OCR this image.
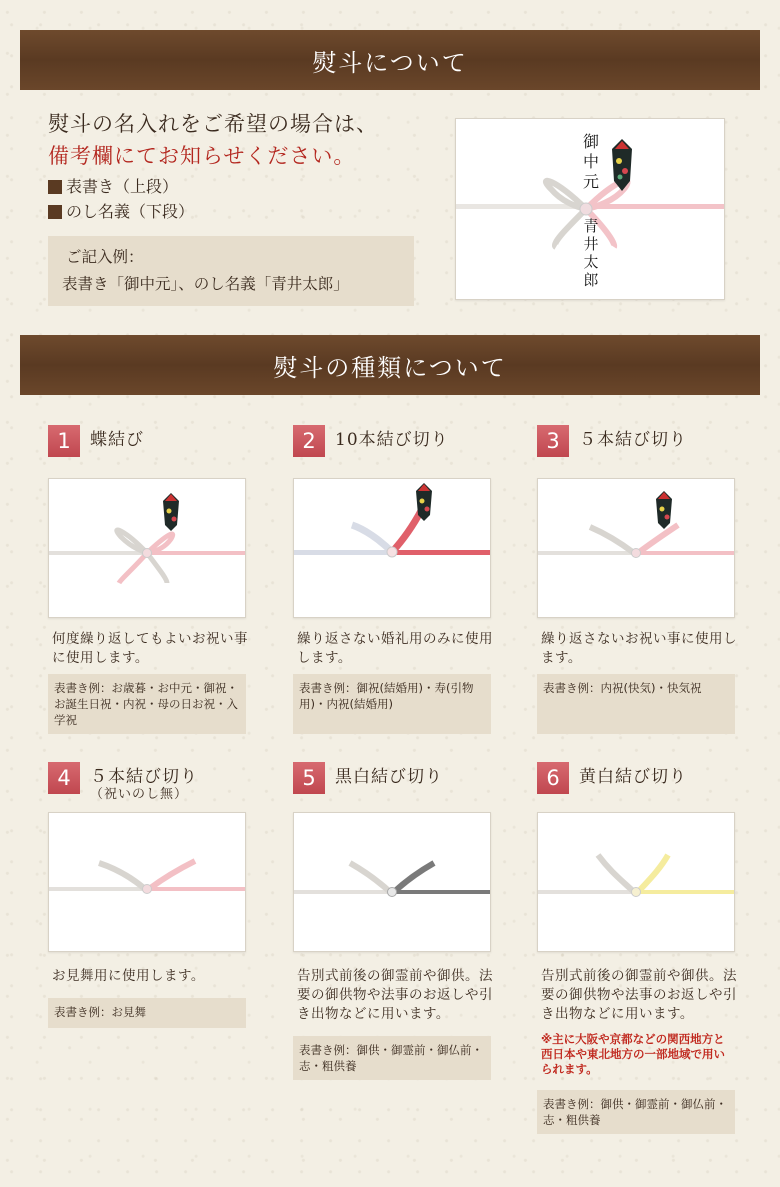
熨斗について
熨斗の名入れをご希望の場合は、
備考欄にてお知らせください。
表書き（上段）
のし名義（下段）
ご記入例：
表書き「御中元」、のし名義「青井太郎」
御中元
青井太郎
熨斗の種類について
1	蝶結び
何度繰り返してもよいお祝い事に使用します。
表書き例：お歳暮・お中元・御祝・お誕生日祝・内祝・母の日お祝・入学祝
2	10本結び切り
繰り返さない婚礼用のみに使用します。
表書き例：御祝(結婚用)・寿(引物用)・内祝(結婚用)
3	５本結び切り
繰り返さないお祝い事に使用します。
表書き例：内祝(快気)・快気祝
4	５本結び切り
（祝いのし無）
お見舞用に使用します。
表書き例：お見舞
5	黒白結び切り
告別式前後の御霊前や御供。法要の御供物や法事のお返しや引き出物などに用います。
表書き例：御供・御霊前・御仏前・志・粗供養
6	黄白結び切り
告別式前後の御霊前や御供。法要の御供物や法事のお返しや引き出物などに用います。
※主に大阪や京都などの関西地方と西日本や東北地方の一部地域で用いられます。
表書き例：御供・御霊前・御仏前・志・粗供養
